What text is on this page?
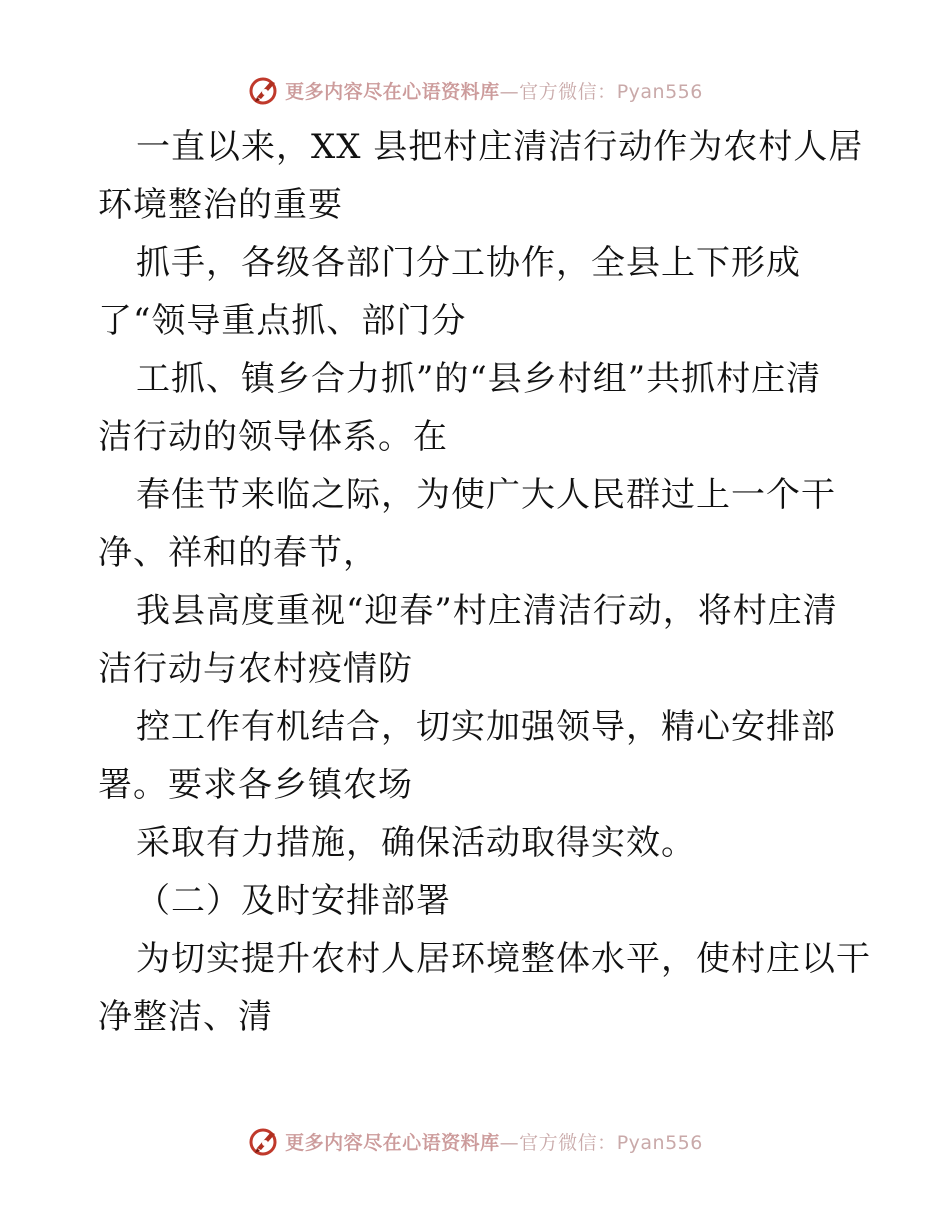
更多内容尽在心语资料库—官方微信：Pyan556
一直以来，XX 县把村庄清洁行动作为农村人居
环境整治的重要
抓手，各级各部门分工协作，全县上下形成
了“领导重点抓、部门分
工抓、镇乡合力抓”的“县乡村组”共抓村庄清
洁行动的领导体系。在
春佳节来临之际，为使广大人民群过上一个干
净、祥和的春节，
我县高度重视“迎春”村庄清洁行动，将村庄清
洁行动与农村疫情防
控工作有机结合，切实加强领导，精心安排部
署。要求各乡镇农场
采取有力措施，确保活动取得实效。
（二）及时安排部署
为切实提升农村人居环境整体水平，使村庄以干
净整洁、清
更多内容尽在心语资料库—官方微信：Pyan556
